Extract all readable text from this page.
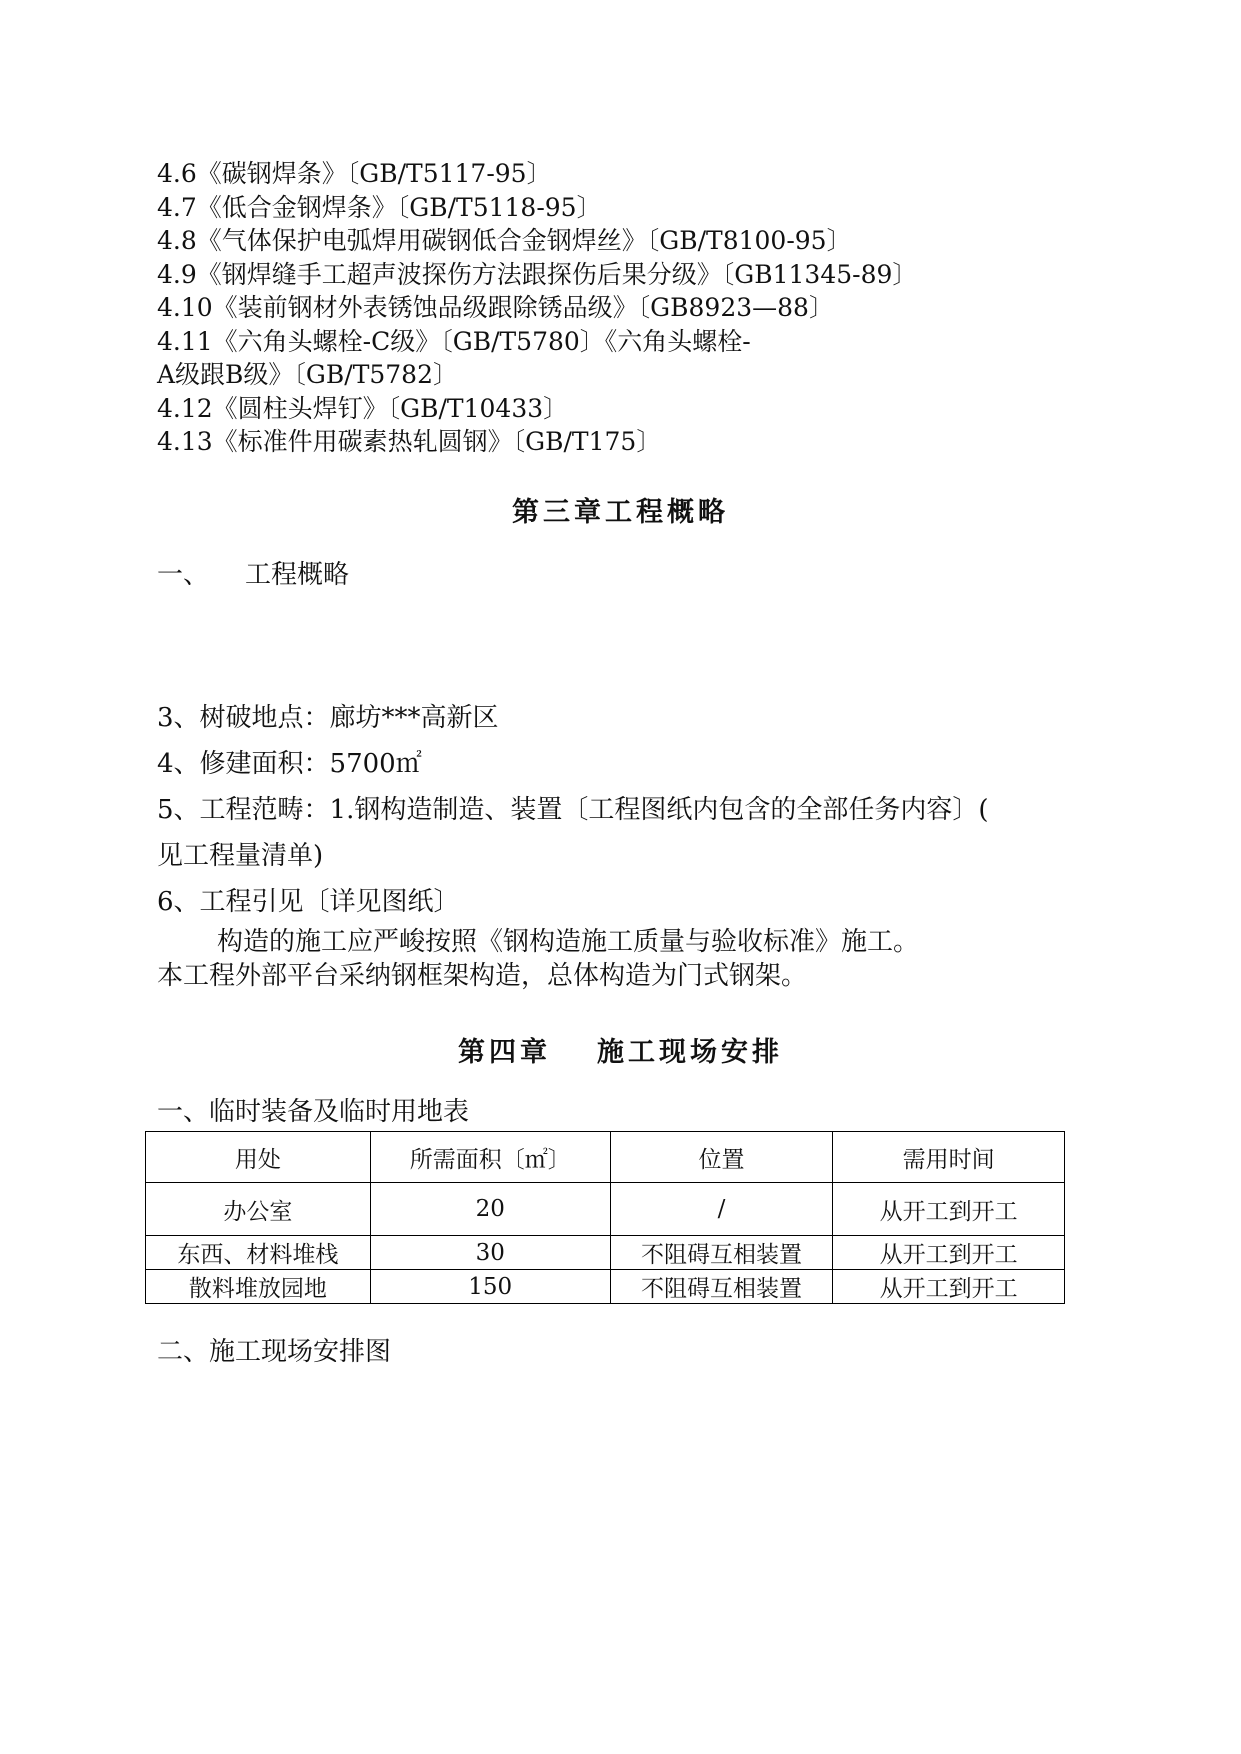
4.6《碳钢焊条》〔GB/T5117-95〕
4.7《低合金钢焊条》〔GB/T5118-95〕
4.8《气体保护电弧焊用碳钢低合金钢焊丝》〔GB/T8100-95〕
4.9《钢焊缝手工超声波探伤方法跟探伤后果分级》〔GB11345-89〕
4.10《装前钢材外表锈蚀品级跟除锈品级》〔GB8923—88〕
4.11《六角头螺栓-C级》〔GB/T5780〕《六角头螺栓-
A级跟B级》〔GB/T5782〕
4.12《圆柱头焊钉》〔GB/T10433〕
4.13《标准件用碳素热轧圆钢》〔GB/T175〕
第三章工程概略
一、 工程概略
3、树破地点：廊坊***高新区
4、修建面积：5700㎡
5、工程范畴：1.钢构造制造、装置〔工程图纸内包含的全部任务内容〕(
见工程量清单)
6、工程引见〔详见图纸〕
构造的施工应严峻按照《钢构造施工质量与验收标准》施工。
本工程外部平台采纳钢框架构造，总体构造为门式钢架。
第四章 施工现场安排
一、临时装备及临时用地表
用处	所需面积〔㎡〕	位置	需用时间
办公室	20	/	从开工到开工
东西、材料堆栈	30	不阻碍互相装置	从开工到开工
散料堆放园地	150	不阻碍互相装置	从开工到开工
二、施工现场安排图
